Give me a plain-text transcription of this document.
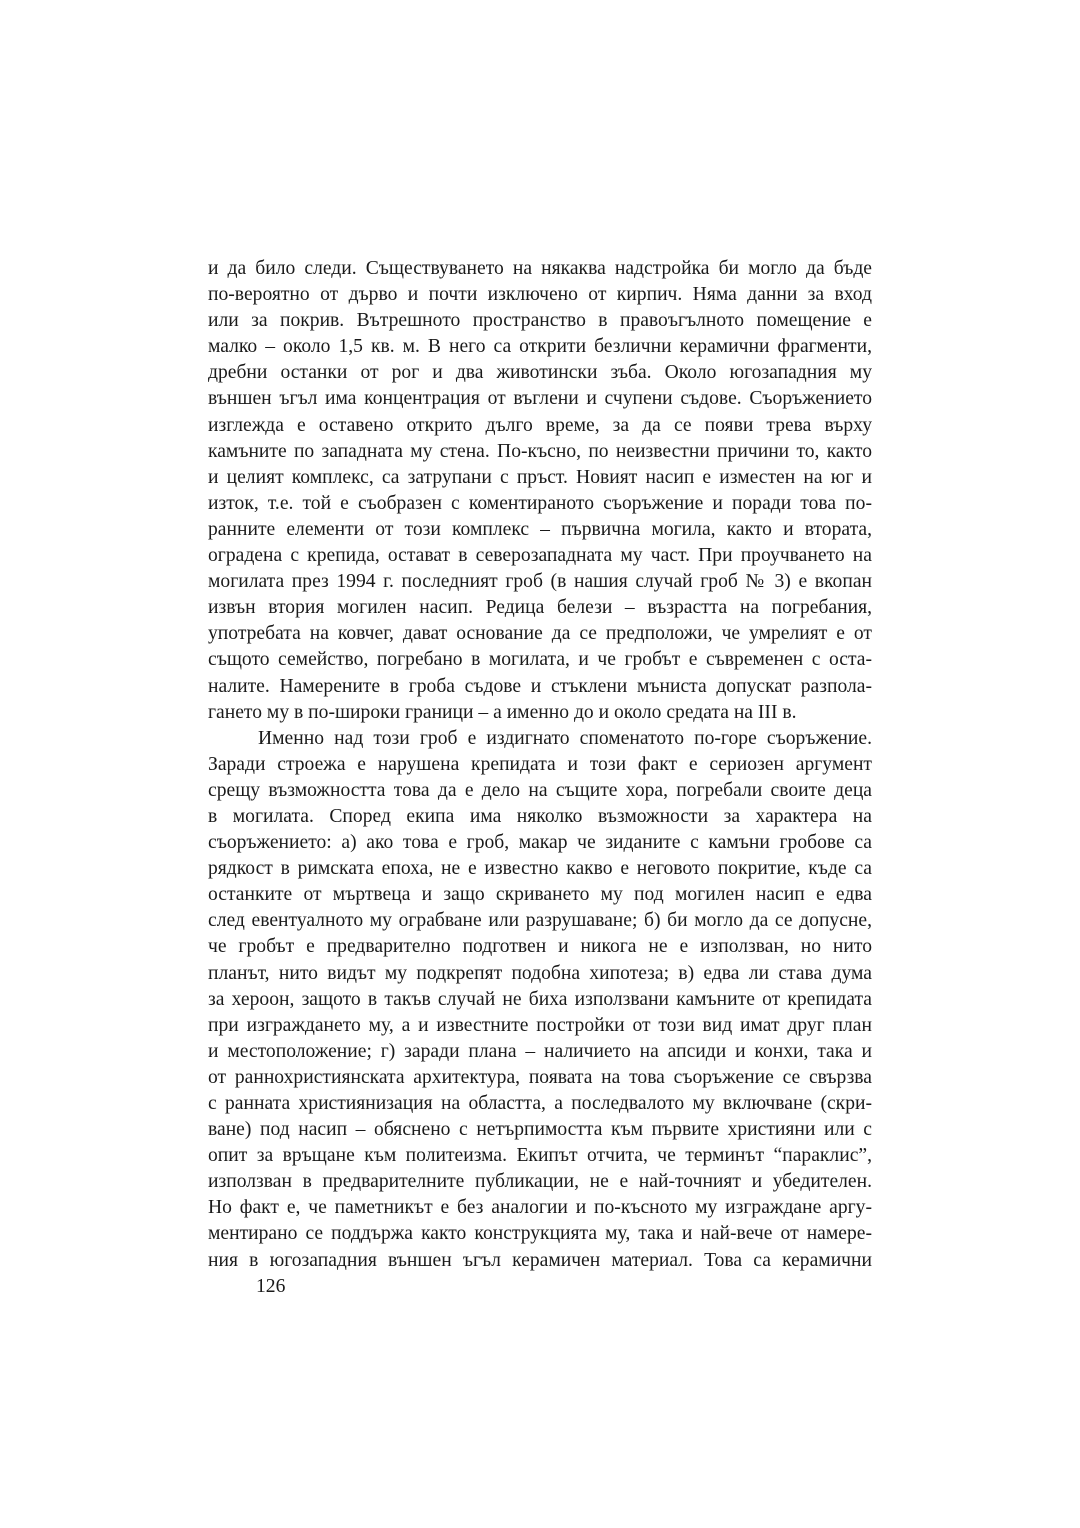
и да било следи. Съществуването на някаква надстройка би могло да бъде
по-вероятно от дърво и почти изключено от кирпич. Няма данни за вход
или за покрив. Вътрешното пространство в правоъгълното помещение е
малко – около 1,5 кв. м. В него са открити безлични керамични фрагменти,
дребни останки от рог и два животински зъба. Около югозападния му
външен ъгъл има концентрация от въглени и счупени съдове. Съоръжението
изглежда е оставено открито дълго време, за да се появи трева върху
камъните по западната му стена. По-късно, по неизвестни причини то, както
и целият комплекс, са затрупани с пръст. Новият насип е изместен на юг и
изток, т.е. той е съобразен с коментираното съоръжение и поради това по-
ранните елементи от този комплекс – първична могила, както и втората,
оградена с крепида, остават в северозападната му част. При проучването на
могилата през 1994 г. последният гроб (в нашия случай гроб № 3) е вкопан
извън втория могилен насип. Редица белези – възрастта на погребания,
употребата на ковчег, дават основание да се предположи, че умрелият е от
същото семейство, погребано в могилата, и че гробът е съвременен с оста-
налите. Намерените в гроба съдове и стъклени мъниста допускат разпола-
гането му в по-широки граници – а именно до и около средата на III в.
Именно над този гроб е издигнато споменатото по-горе съоръжение.
Заради строежа е нарушена крепидата и този факт е сериозен аргумент
срещу възможността това да е дело на същите хора, погребали своите деца
в могилата. Според екипа има няколко възможности за характера на
съоръжението: а) ако това е гроб, макар че зиданите с камъни гробове са
рядкост в римската епоха, не е известно какво е неговото покритие, къде са
останките от мъртвеца и защо скриването му под могилен насип е едва
след евентуалното му ограбване или разрушаване; б) би могло да се допусне,
че гробът е предварително подготвен и никога не е използван, но нито
планът, нито видът му подкрепят подобна хипотеза; в) едва ли става дума
за хероон, защото в такъв случай не биха използвани камъните от крепидата
при изграждането му, а и известните постройки от този вид имат друг план
и местоположение; г) заради плана – наличието на апсиди и конхи, така и
от раннохристиянската архитектура, появата на това съоръжение се свързва
с ранната християнизация на областта, а последвалото му включване (скри-
ване) под насип – обяснено с нетърпимостта към първите християни или с
опит за връщане към политеизма. Екипът отчита, че терминът “параклис”,
използван в предварителните публикации, не е най-точният и убедителен.
Но факт е, че паметникът е без аналогии и по-късното му изграждане аргу-
ментирано се поддържа както конструкцията му, така и най-вече от намере-
ния в югозападния външен ъгъл керамичен материал. Това са керамични
126
